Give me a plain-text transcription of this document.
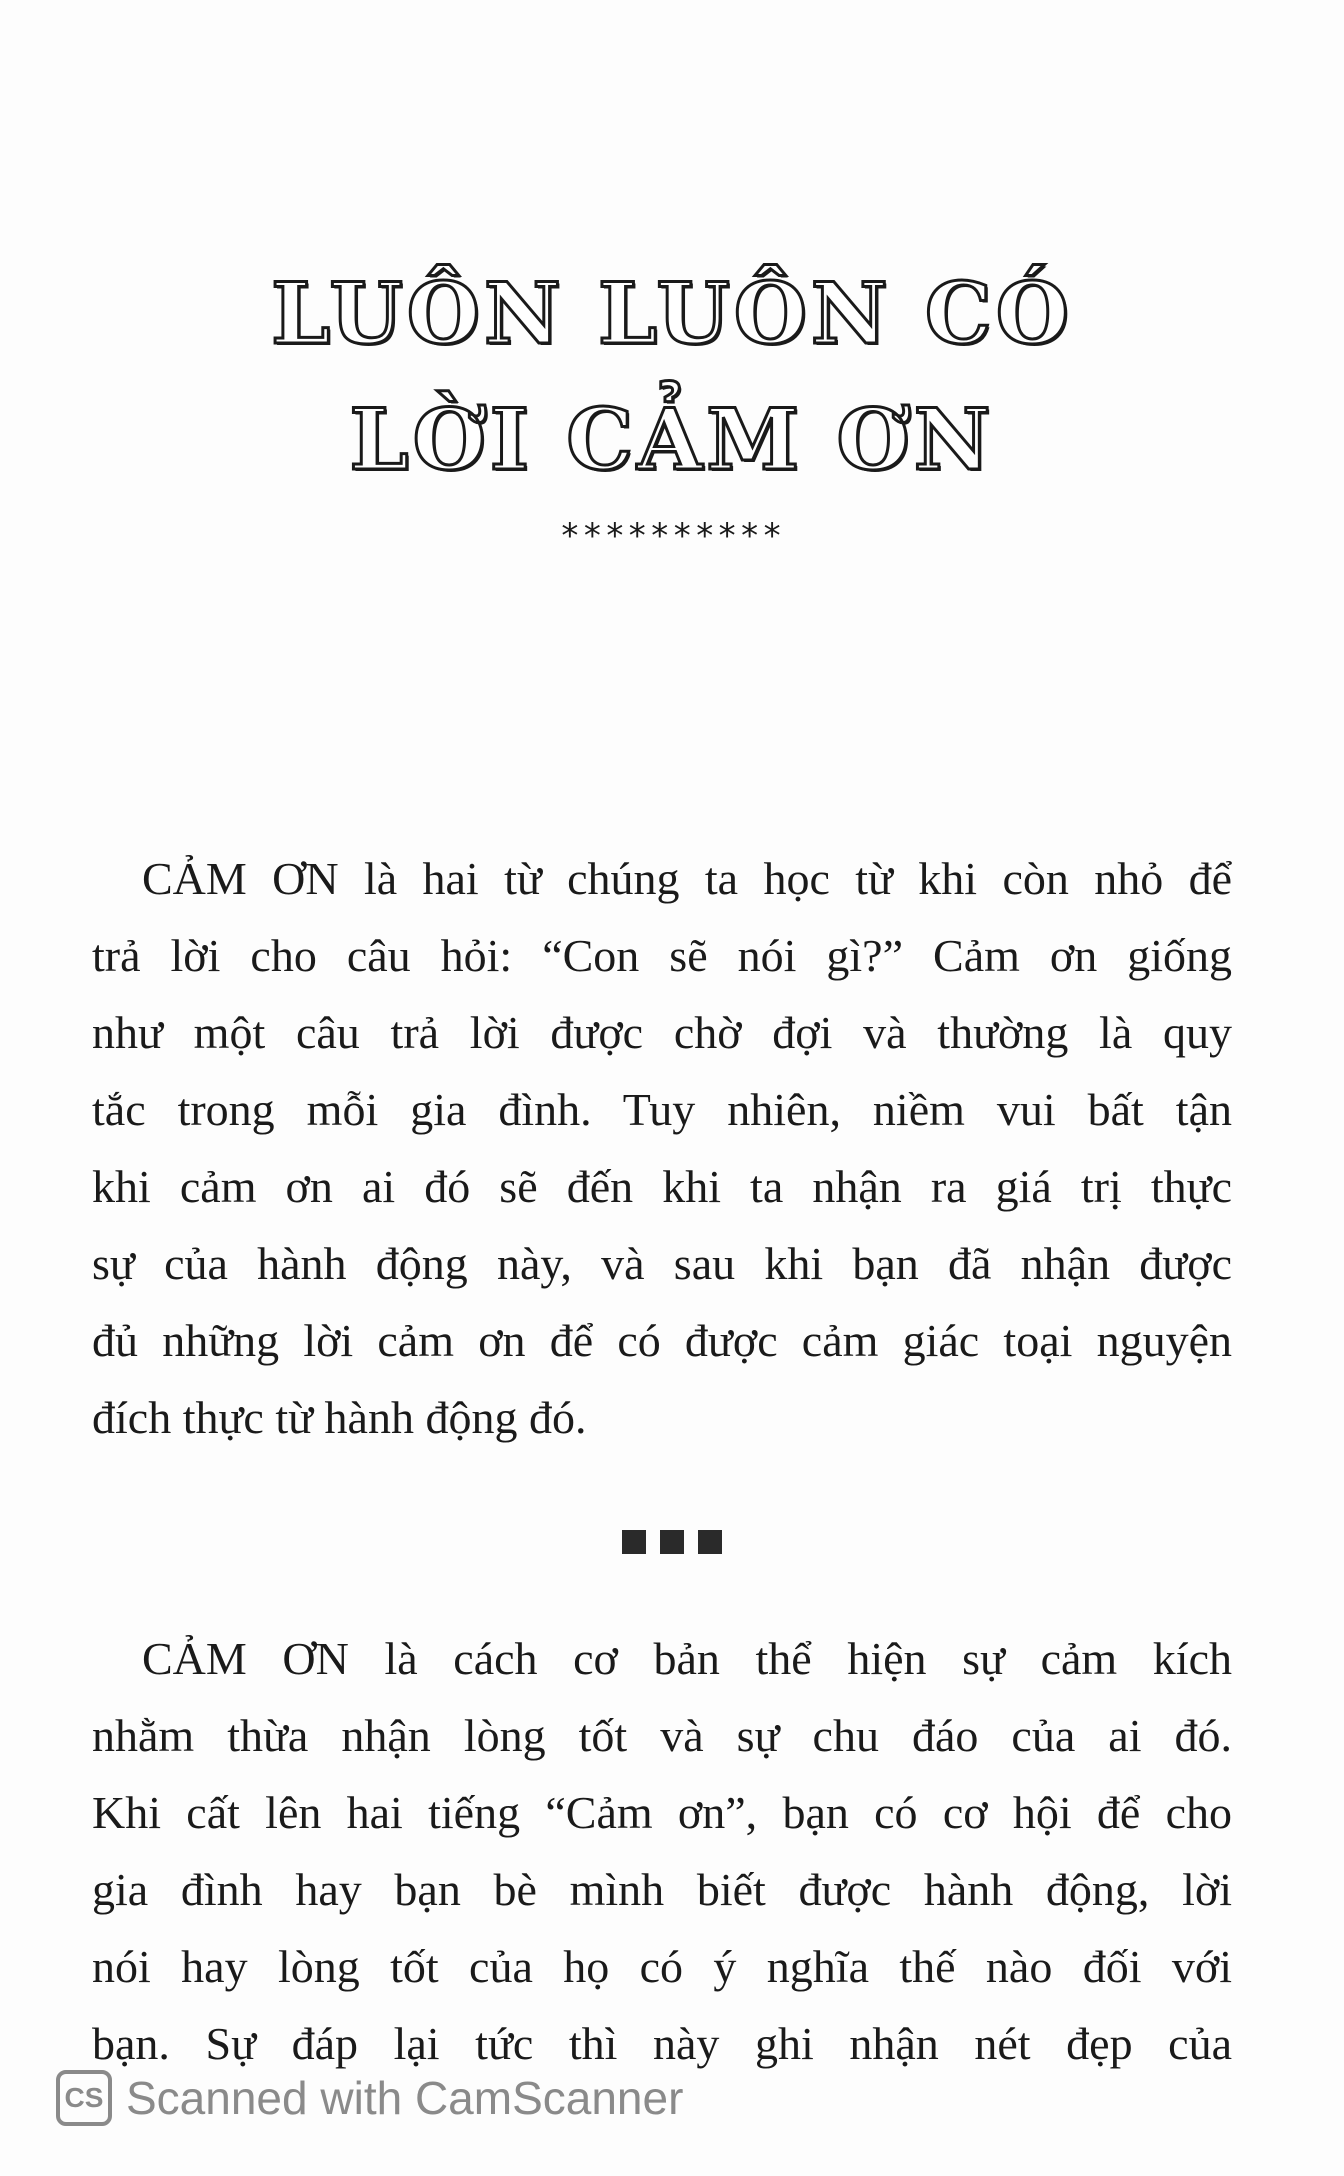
LUÔN LUÔN CÓ
LỜI CẢM ƠN
**********
CẢM ƠN là hai từ chúng ta học từ khi còn nhỏ để
trả lời cho câu hỏi: “Con sẽ nói gì?” Cảm ơn giống
như một câu trả lời được chờ đợi và thường là quy
tắc trong mỗi gia đình. Tuy nhiên, niềm vui bất tận
khi cảm ơn ai đó sẽ đến khi ta nhận ra giá trị thực
sự của hành động này, và sau khi bạn đã nhận được
đủ những lời cảm ơn để có được cảm giác toại nguyện
đích thực từ hành động đó.

CẢM ƠN là cách cơ bản thể hiện sự cảm kích
nhằm thừa nhận lòng tốt và sự chu đáo của ai đó.
Khi cất lên hai tiếng “Cảm ơn”, bạn có cơ hội để cho
gia đình hay bạn bè mình biết được hành động, lời
nói hay lòng tốt của họ có ý nghĩa thế nào đối với
bạn. Sự đáp lại tức thì này ghi nhận nét đẹp của
CS Scanned with CamScanner
